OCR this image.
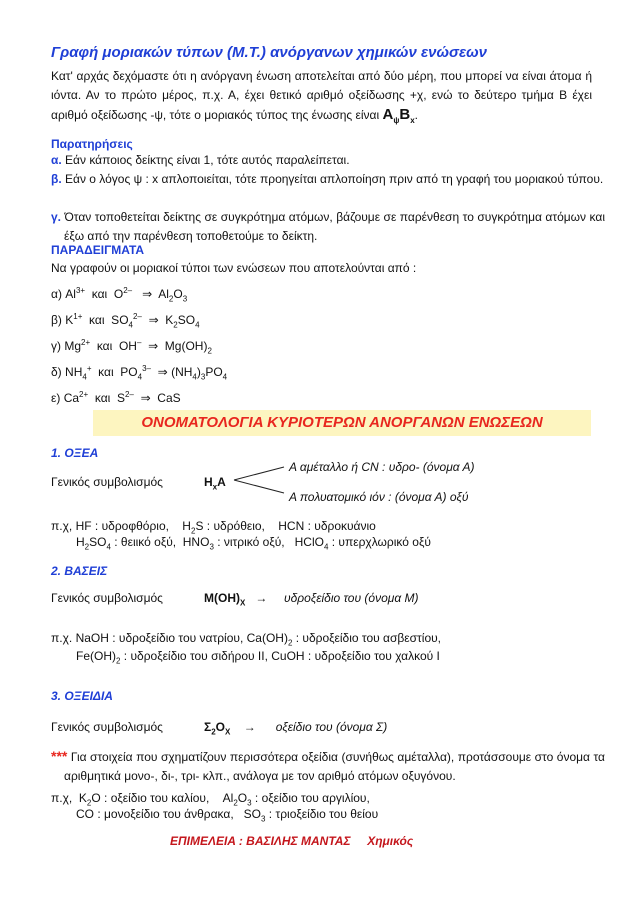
Γραφή μοριακών τύπων (Μ.Τ.) ανόργανων χημικών ενώσεων
Κατ' αρχάς δεχόμαστε ότι η ανόργανη ένωση αποτελείται από δύο μέρη, που μπορεί να είναι άτομα ή ιόντα. Αν το πρώτο μέρος, π.χ. Α, έχει θετικό αριθμό οξείδωσης +χ, ενώ το δεύτερο τμήμα Β έχει αριθμό οξείδωσης -ψ, τότε ο μοριακός τύπος της ένωσης είναι $A_\psi B_x$.
Παρατηρήσεις
α. Εάν κάποιος δείκτης είναι 1, τότε αυτός παραλείπεται.
β. Εάν ο λόγος ψ : x απλοποιείται, τότε προηγείται απλοποίηση πριν από τη γραφή του μοριακού τύπου.
γ. Όταν τοποθετείται δείκτης σε συγκρότημα ατόμων, βάζουμε σε παρένθεση το συγκρότημα ατόμων και έξω από την παρένθεση τοποθετούμε το δείκτη.
ΠΑΡΑΔΕΙΓΜΑΤΑ
Να γραφούν οι μοριακοί τύποι των ενώσεων που αποτελούνται από :
α) $Al^{3+}$ και  $O^{2-}$ ⇒  $Al_2O_3$
β) $K^{1+}$ και  $SO_4^{2-}$ ⇒  $K_2SO_4$
γ) $Mg^{2+}$ και  OH– ⇒  $Mg(OH)_2$
δ) $NH_4^+$ και  $PO_4^{3-}$ ⇒ $(NH_4)_3PO_4$
ε) $Ca^{2+}$ και  $S^{2-}$ ⇒  CaS
ΟΝΟΜΑΤΟΛΟΓΙΑ ΚΥΡΙΟΤΕΡΩΝ ΑΝΟΡΓΑΝΩΝ ΕΝΩΣΕΩΝ
1. ΟΞΕΑ
Α αμέταλλο ή CN : υδρο- (όνομα Α)
Γενικός συμβολισμός	$H_xA$
Α πολυατομικό ιόν : (όνομα Α) οξύ
π.χ, HF : υδροφθόριο,    $H_2S$ : υδρόθειο, HCN : υδροκυάνιο
$H_2SO_4$ : θειικό οξύ,  $HNO_3$ : νιτρικό οξύ,   HClO$_4$ : υπερχλωρικό οξύ
2. ΒΑΣΕΙΣ
Γενικός συμβολισμός	$M(OH)_X \to \upsilon\delta\rho o\xi\varepsilon ί\delta\iota o$ του (όνομα Μ)
π.χ. NaOH : υδροξείδιο του νατρίου, $Ca(OH)_2$ : υδροξείδιο του ασβεστίου,
$Fe(OH)_2$ : υδροξείδιο του σιδήρου ΙΙ, CuOH : υδροξείδιο του χαλκού Ι
3. ΟΞΕΙΔΙΑ
Γενικός συμβολισμός	$\Sigma_2O_X \to o\xi\varepsilon ί\delta\iota o$ του (όνομα Σ)
*** Για στοιχεία που σχηματίζουν περισσότερα οξείδια (συνήθως αμέταλλα), προτάσσουμε στο όνομα τα αριθμητικά μονο-, δι-, τρι- κλπ., ανάλογα με τον αριθμό ατόμων οξυγόνου.
π.χ,  $K_2O$ : οξείδιο του καλίου,    $Al_2O_3$ : οξείδιο του αργιλίου,
CO : μονοξείδιο του άνθρακα,   $SO_3$ : τριοξείδιο του θείου
ΕΠΙΜΕΛΕΙΑ : ΒΑΣΙΛΗΣ ΜΑΝΤΑΣ     Χημικός
